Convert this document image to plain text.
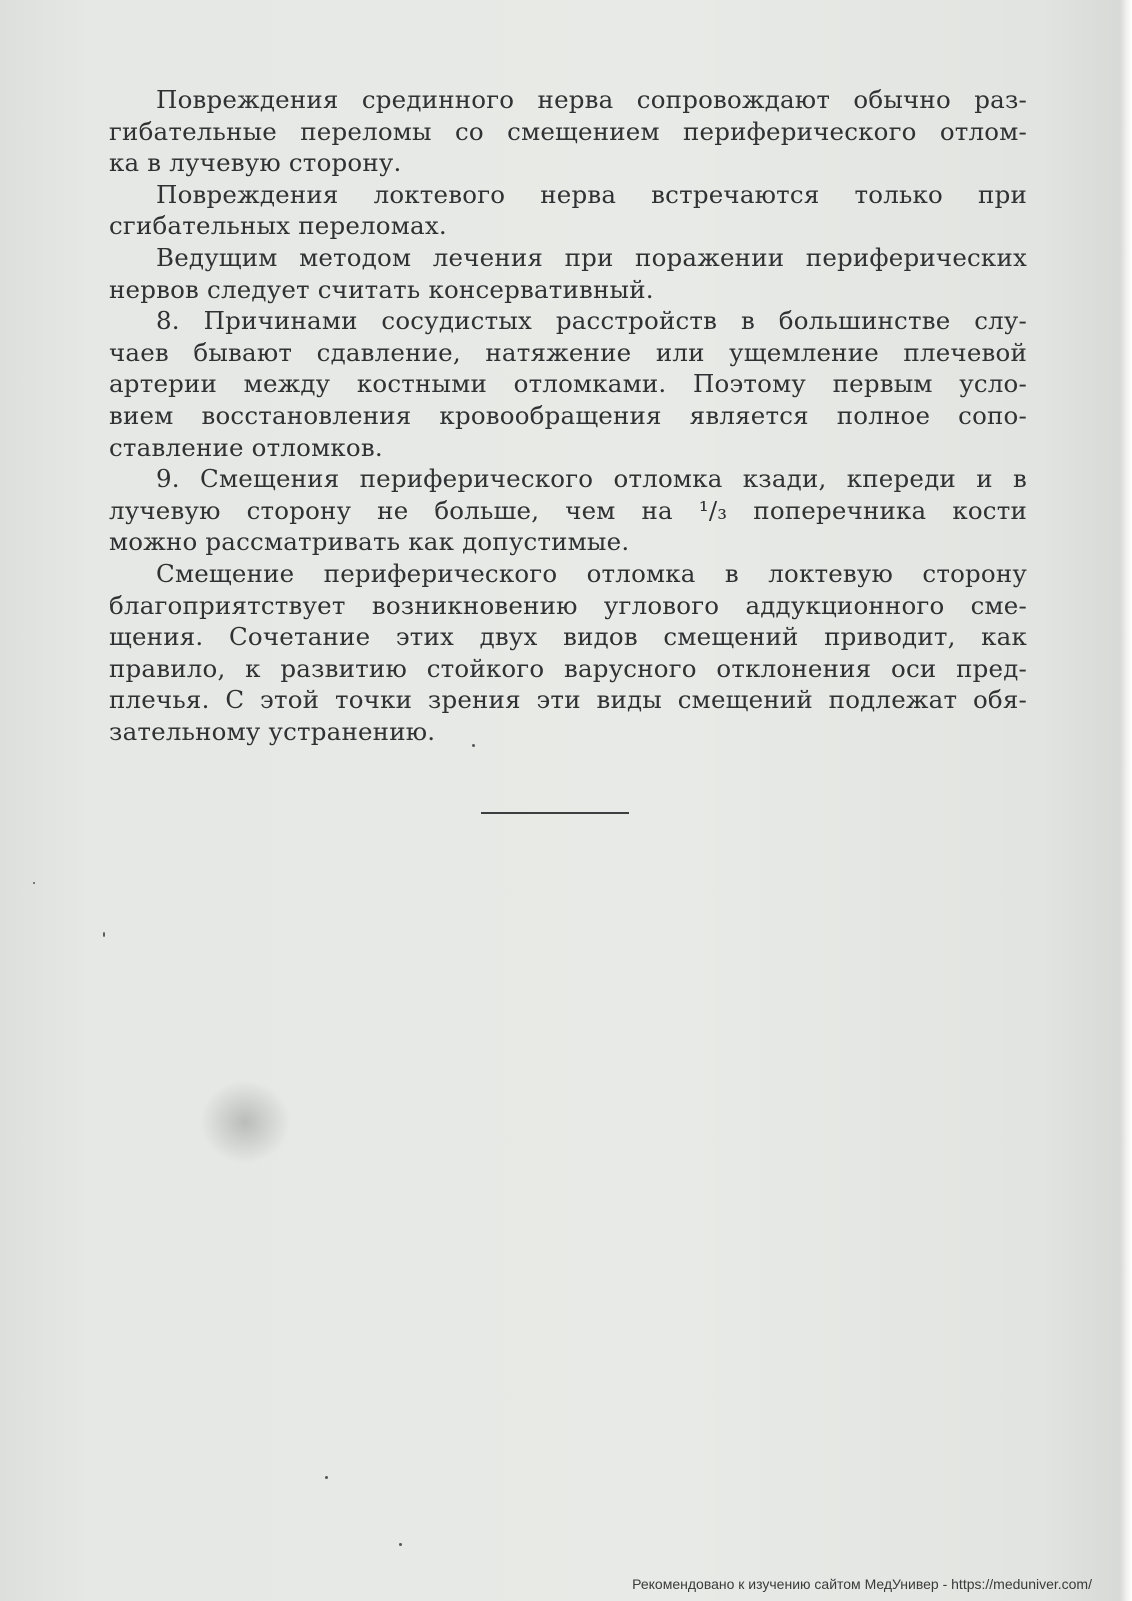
Повреждения срединного нерва сопровождают обычно раз-
гибательные переломы со смещением периферического отлом-
ка в лучевую сторону.
Повреждения локтевого нерва встречаются только при
сгибательных переломах.
Ведущим методом лечения при поражении периферических
нервов следует считать консервативный.
8. Причинами сосудистых расстройств в большинстве слу-
чаев бывают сдавление, натяжение или ущемление плечевой
артерии между костными отломками. Поэтому первым усло-
вием восстановления кровообращения является полное сопо-
ставление отломков.
9. Смещения периферического отломка кзади, кпереди и в
лучевую сторону не больше, чем на ¹/₃ поперечника кости
можно рассматривать как допустимые.
Смещение периферического отломка в локтевую сторону
благоприятствует возникновению углового аддукционного сме-
щения. Сочетание этих двух видов смещений приводит, как
правило, к развитию стойкого варусного отклонения оси пред-
плечья. С этой точки зрения эти виды смещений подлежат обя-
зательному устранению.
Рекомендовано к изучению сайтом МедУнивер - https://meduniver.com/
